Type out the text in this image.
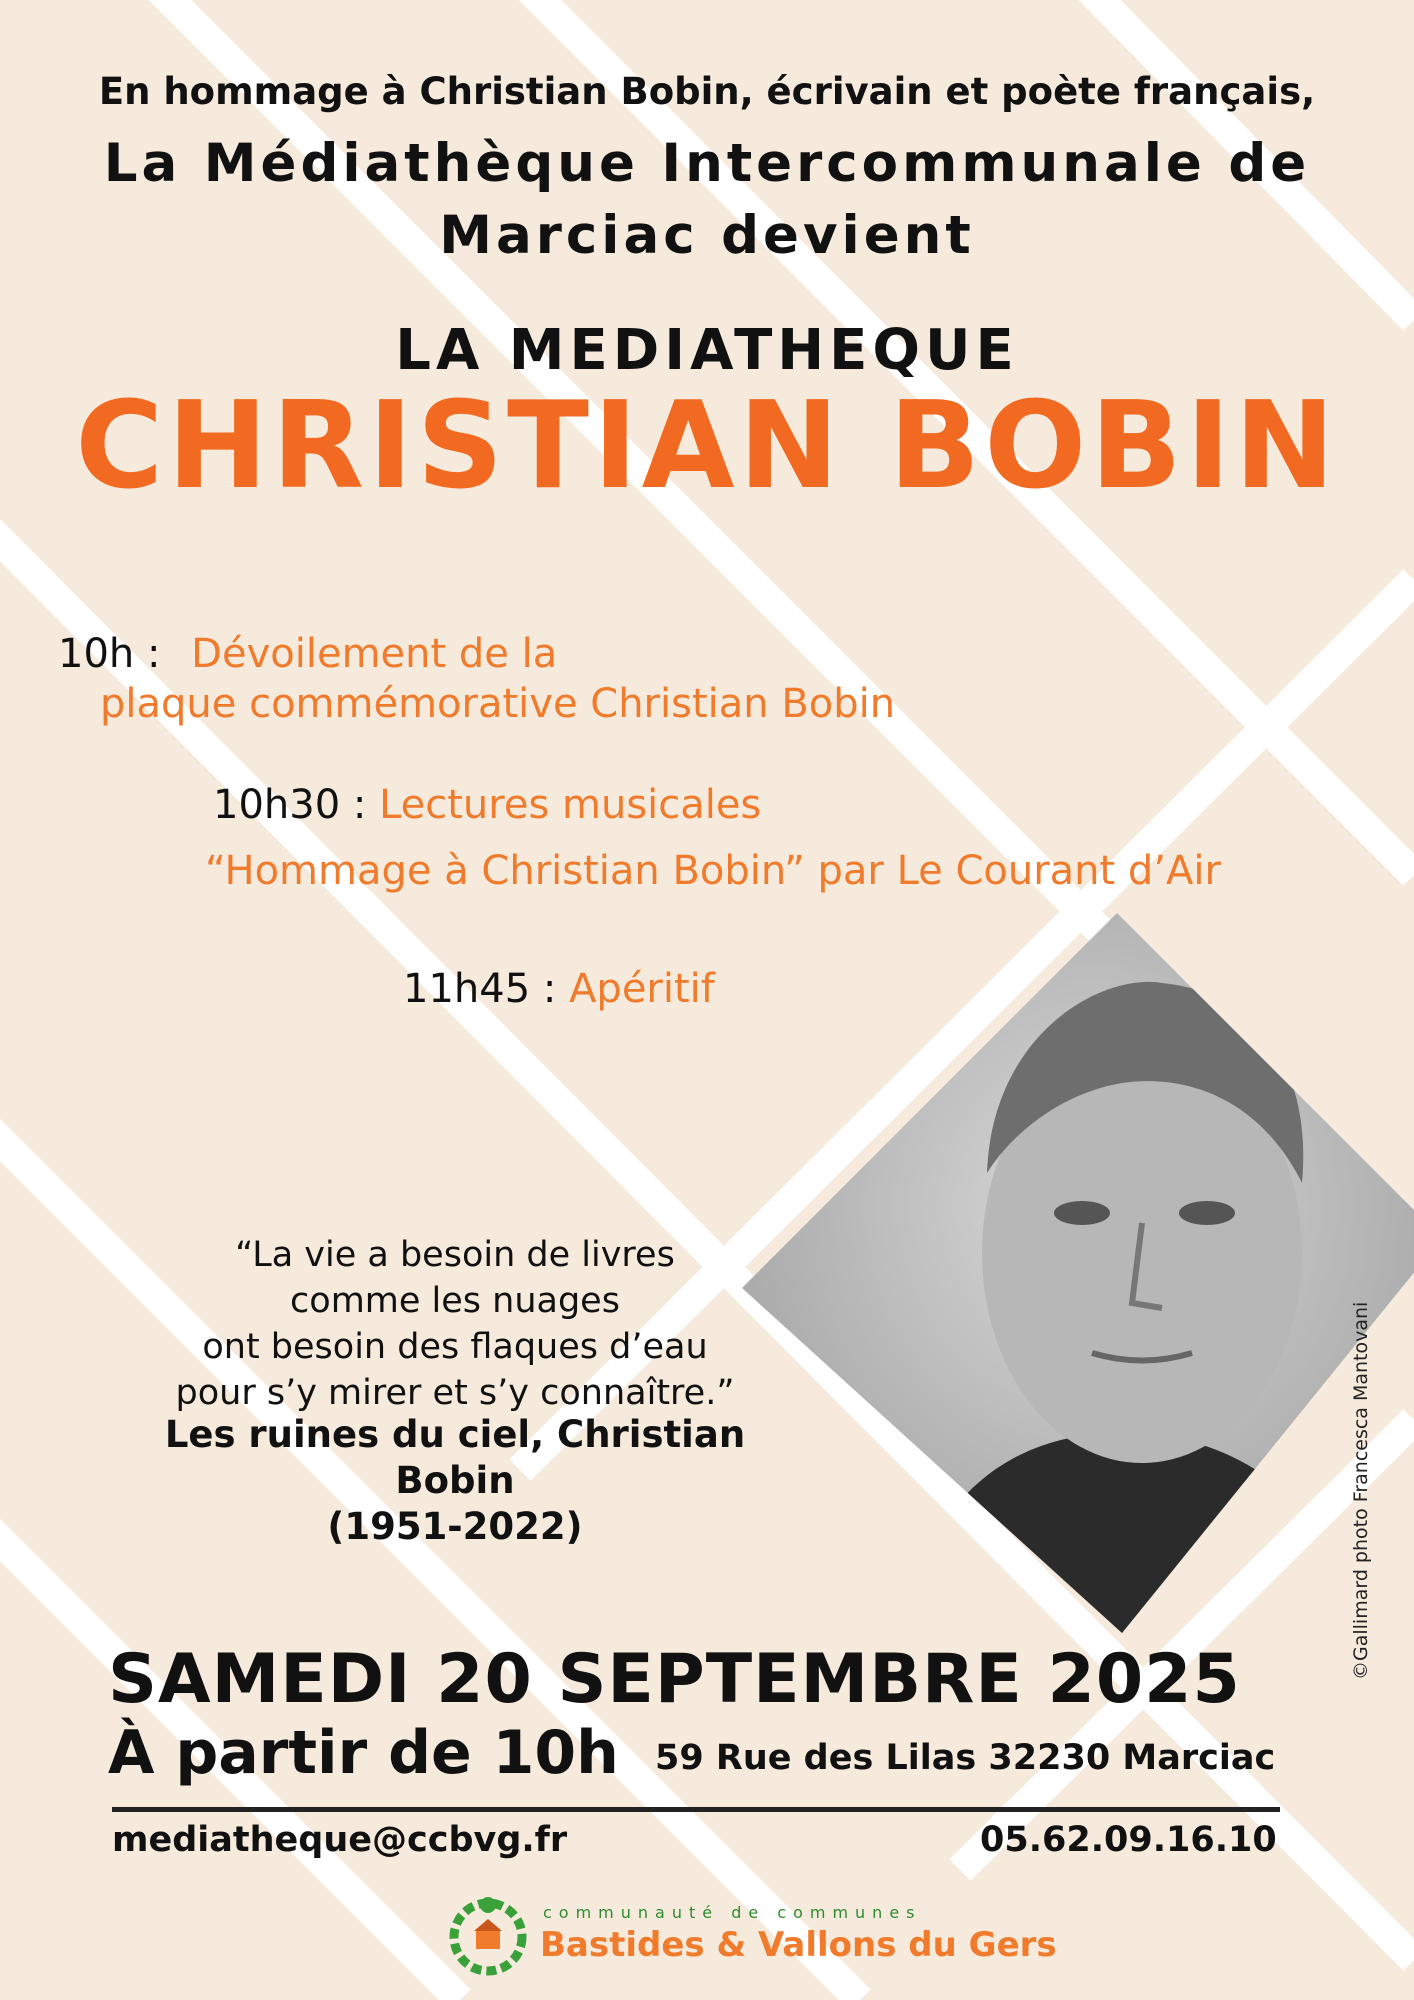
En hommage à Christian Bobin, écrivain et poète français,
La Médiathèque Intercommunale de
Marciac devient
LA MEDIATHEQUE
CHRISTIAN BOBIN
10h : Dévoilement de la
plaque commémorative Christian Bobin
10h30 : Lectures musicales
“Hommage à Christian Bobin” par Le Courant d’Air
11h45 : Apéritif
©Gallimard photo Francesca Mantovani
“La vie a besoin de livres
comme les nuages
ont besoin des flaques d’eau
pour s’y mirer et s’y connaître.”
Les ruines du ciel, Christian Bobin
(1951-2022)
SAMEDI 20 SEPTEMBRE 2025
À partir de 10h 59 Rue des Lilas 32230 Marciac
mediatheque@ccbvg.fr	05.62.09.16.10
communauté de communes
Bastides & Vallons du Gers
